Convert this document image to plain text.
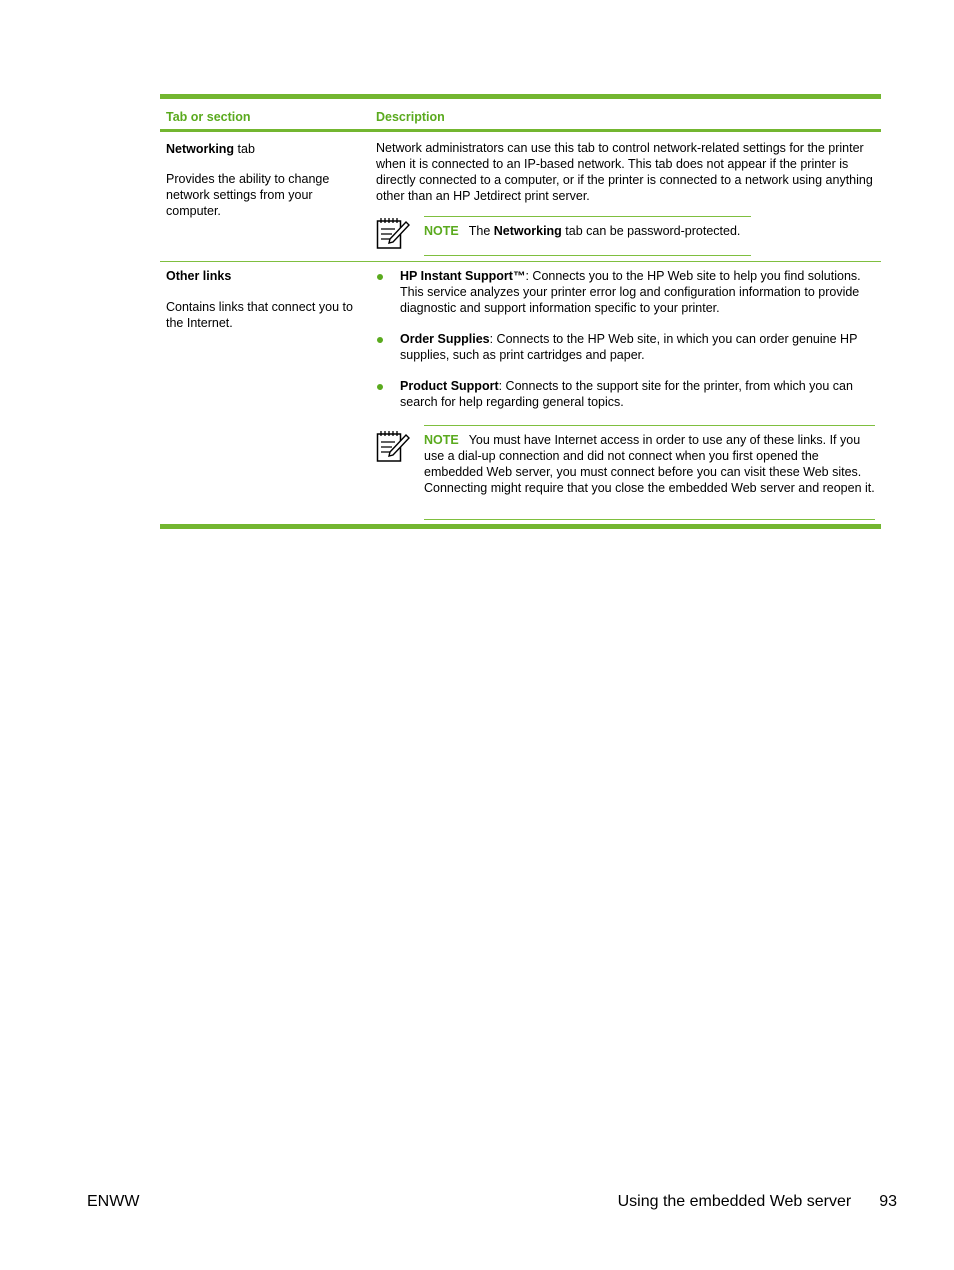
Tab or section	Description

Networking tab

Provides the ability to change network settings from your computer.

Network administrators can use this tab to control network-related settings for the printer when it is connected to an IP-based network. This tab does not appear if the printer is directly connected to a computer, or if the printer is connected to a network using anything other than an HP Jetdirect print server.
NOTE The Networking tab can be password-protected.

Other links

Contains links that connect you to the Internet.

HP Instant Support™: Connects you to the HP Web site to help you find solutions. This service analyzes your printer error log and configuration information to provide diagnostic and support information specific to your printer.
Order Supplies: Connects to the HP Web site, in which you can order genuine HP supplies, such as print cartridges and paper.
Product Support: Connects to the support site for the printer, from which you can search for help regarding general topics.
NOTE You must have Internet access in order to use any of these links. If you use a dial-up connection and did not connect when you first opened the embedded Web server, you must connect before you can visit these Web sites. Connecting might require that you close the embedded Web server and reopen it.
ENWW	Using the embedded Web server 93
